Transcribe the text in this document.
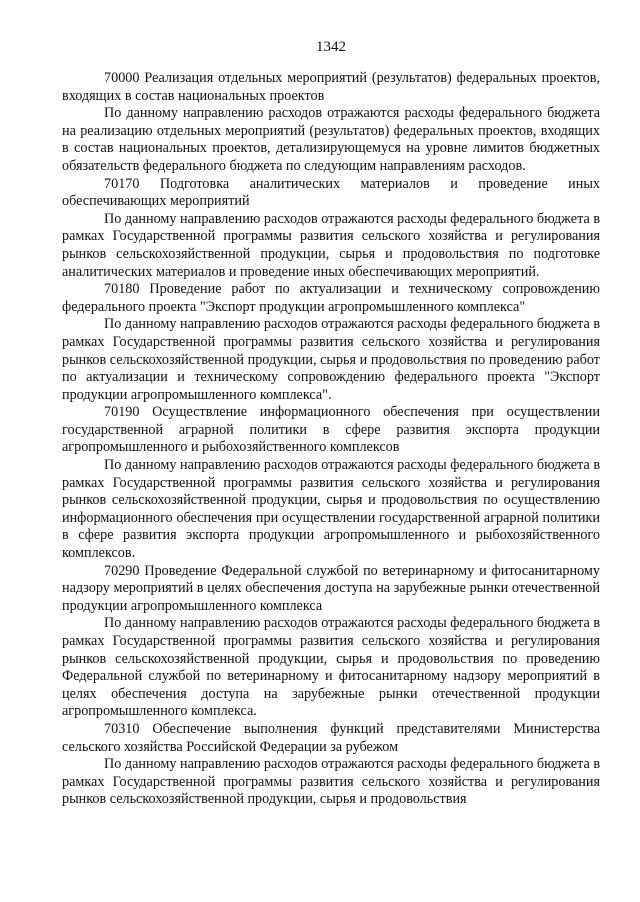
1342

70000 Реализация отдельных мероприятий (результатов) федеральных проектов, входящих в состав национальных проектов

По данному направлению расходов отражаются расходы федерального бюджета на реализацию отдельных мероприятий (результатов) федеральных проектов, входящих в состав национальных проектов, детализирующемуся на уровне лимитов бюджетных обязательств федерального бюджета по следующим направлениям расходов.

70170 Подготовка аналитических материалов и проведение иных обеспечивающих мероприятий

По данному направлению расходов отражаются расходы федерального бюджета в рамках Государственной программы развития сельского хозяйства и регулирования рынков сельскохозяйственной продукции, сырья и продовольствия по подготовке аналитических материалов и проведение иных обеспечивающих мероприятий.

70180 Проведение работ по актуализации и техническому сопровождению федерального проекта "Экспорт продукции агропромышленного комплекса"

По данному направлению расходов отражаются расходы федерального бюджета в рамках Государственной программы развития сельского хозяйства и регулирования рынков сельскохозяйственной продукции, сырья и продовольствия по проведению работ по актуализации и техническому сопровождению федерального проекта "Экспорт продукции агропромышленного комплекса".

70190 Осуществление информационного обеспечения при осуществлении государственной аграрной политики в сфере развития экспорта продукции агропромышленного и рыбохозяйственного комплексов

По данному направлению расходов отражаются расходы федерального бюджета в рамках Государственной программы развития сельского хозяйства и регулирования рынков сельскохозяйственной продукции, сырья и продовольствия по осуществлению информационного обеспечения при осуществлении государственной аграрной политики в сфере развития экспорта продукции агропромышленного и рыбохозяйственного комплексов.

70290 Проведение Федеральной службой по ветеринарному и фитосанитарному надзору мероприятий в целях обеспечения доступа на зарубежные рынки отечественной продукции агропромышленного комплекса

По данному направлению расходов отражаются расходы федерального бюджета в рамках Государственной программы развития сельского хозяйства и регулирования рынков сельскохозяйственной продукции, сырья и продовольствия по проведению Федеральной службой по ветеринарному и фитосанитарному надзору мероприятий в целях обеспечения доступа на зарубежные рынки отечественной продукции агропромышленного комплекса.

70310 Обеспечение выполнения функций представителями Министерства сельского хозяйства Российской Федерации за рубежом

По данному направлению расходов отражаются расходы федерального бюджета в рамках Государственной программы развития сельского хозяйства и регулирования рынков сельскохозяйственной продукции, сырья и продовольствия
